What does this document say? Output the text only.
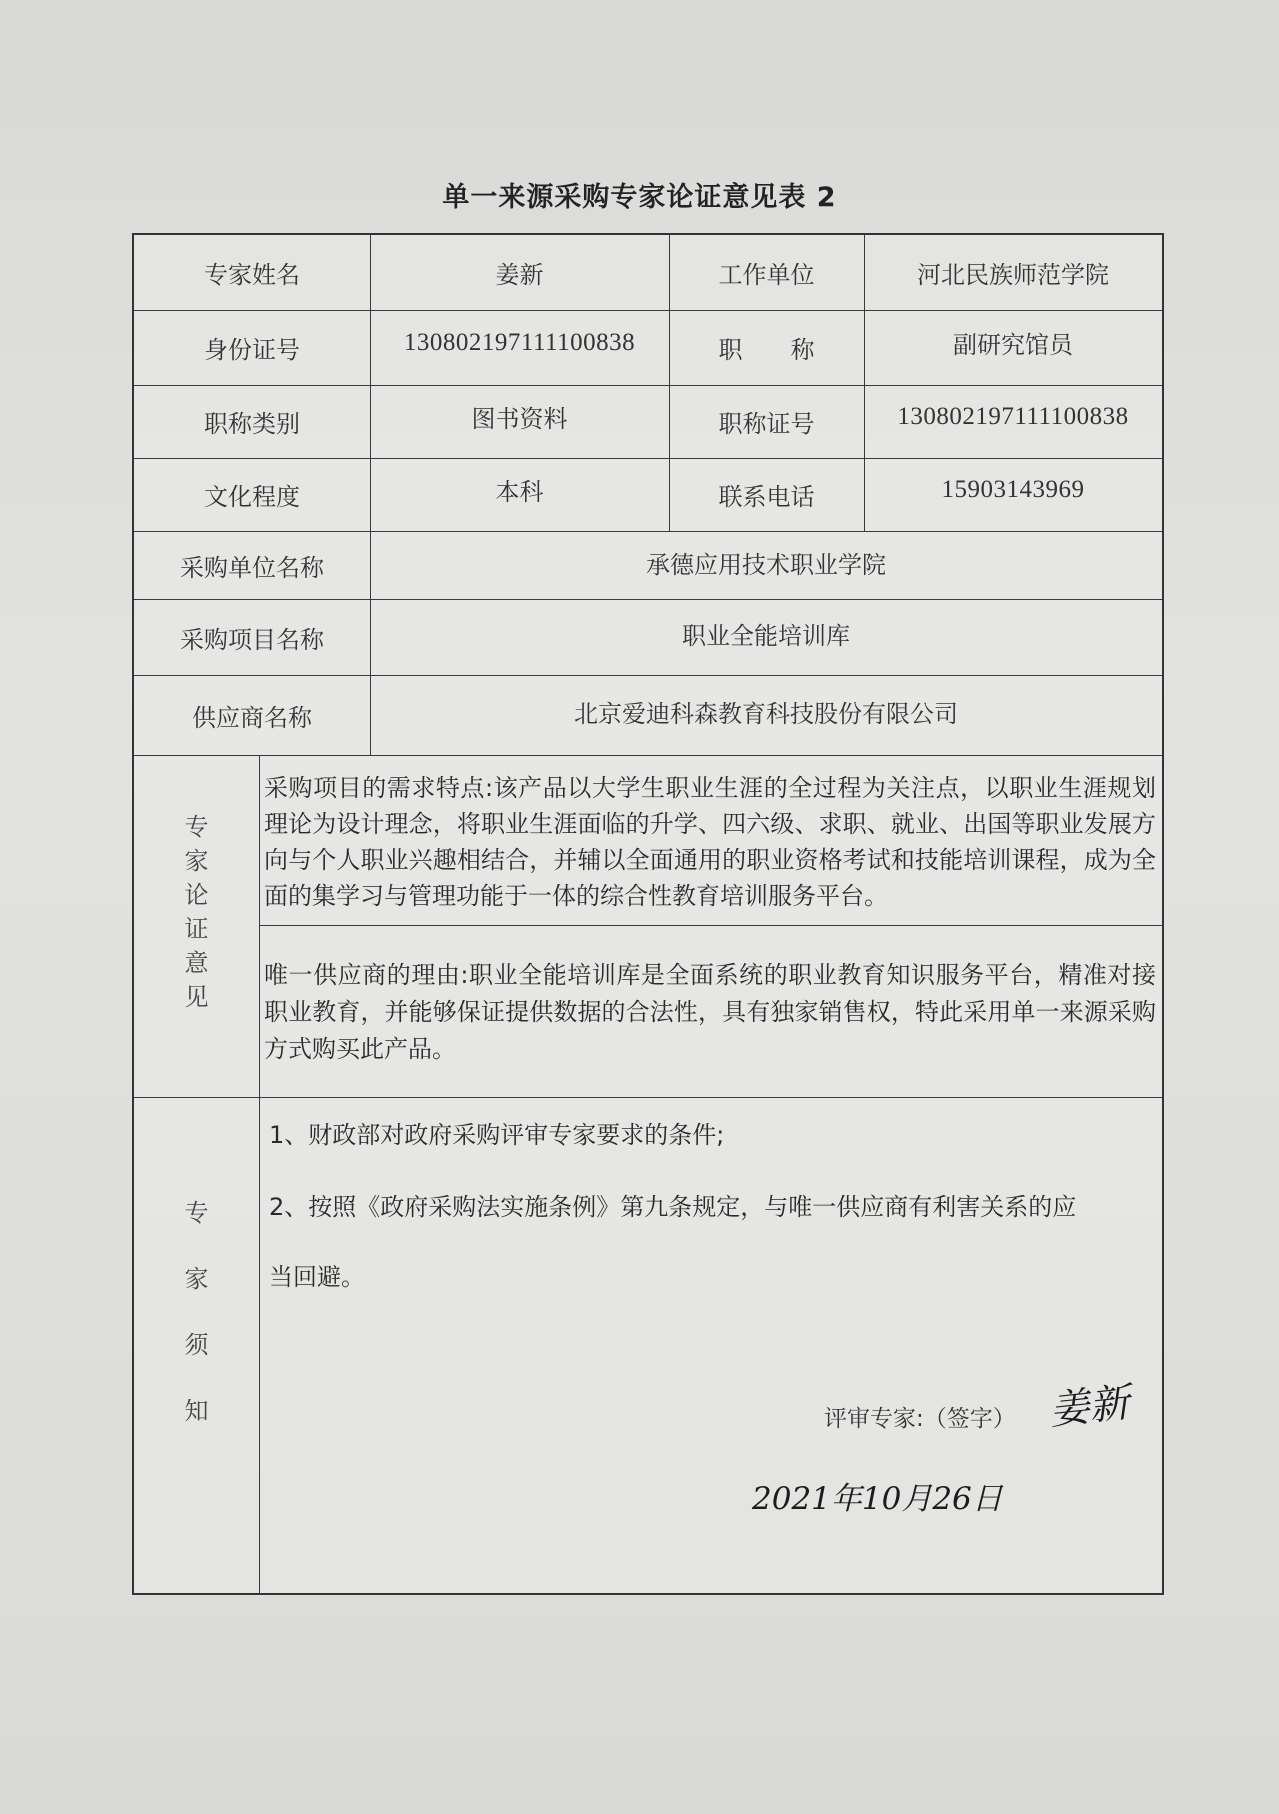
单一来源采购专家论证意见表 2
专家姓名	姜新	工作单位	河北民族师范学院
身份证号	130802197111100838	职　　称	副研究馆员
职称类别	图书资料	职称证号	130802197111100838
文化程度	本科	联系电话	15903143969
采购单位名称	承德应用技术职业学院
采购项目名称	职业全能培训库
供应商名称	北京爱迪科森教育科技股份有限公司
专
家
论
证
意
见
采购项目的需求特点:该产品以大学生职业生涯的全过程为关注点，以职业生涯规划理论为设计理念，将职业生涯面临的升学、四六级、求职、就业、出国等职业发展方向与个人职业兴趣相结合，并辅以全面通用的职业资格考试和技能培训课程，成为全面的集学习与管理功能于一体的综合性教育培训服务平台。
唯一供应商的理由:职业全能培训库是全面系统的职业教育知识服务平台，精准对接职业教育，并能够保证提供数据的合法性，具有独家销售权，特此采用单一来源采购方式购买此产品。
专
家
须
知
1、财政部对政府采购评审专家要求的条件;
2、按照《政府采购法实施条例》第九条规定，与唯一供应商有利害关系的应
当回避。
评审专家:（签字） 姜新
2021年10月26日
